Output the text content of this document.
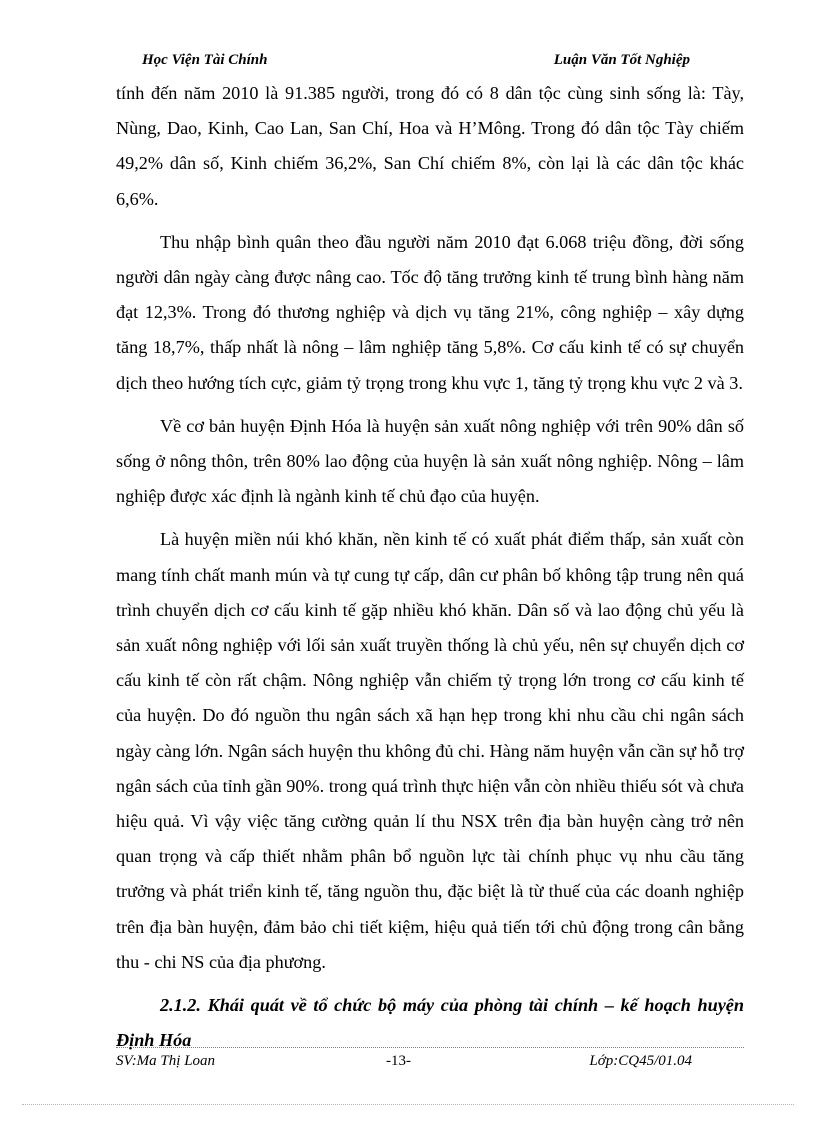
Học Viện Tài Chính	Luận Văn Tốt Nghiệp

tính đến năm 2010 là 91.385 người, trong đó có 8 dân tộc cùng sinh sống là: Tày, Nùng, Dao, Kinh, Cao Lan, San Chí, Hoa và H’Mông. Trong đó dân tộc Tày chiếm 49,2% dân số, Kinh chiếm 36,2%, San Chí chiếm 8%, còn lại là các dân tộc khác 6,6%.

Thu nhập bình quân theo đầu người năm 2010 đạt 6.068 triệu đồng, đời sống người dân ngày càng được nâng cao. Tốc độ tăng trưởng kinh tế trung bình hàng năm đạt 12,3%. Trong đó thương nghiệp và dịch vụ tăng 21%, công nghiệp – xây dựng tăng 18,7%, thấp nhất là nông – lâm nghiệp tăng 5,8%. Cơ cấu kinh tế có sự chuyển dịch theo hướng tích cực, giảm tỷ trọng trong khu vực 1, tăng tỷ trọng khu vực 2 và 3.

Về cơ bản huyện Định Hóa là huyện sản xuất nông nghiệp với trên 90% dân số sống ở nông thôn, trên 80% lao động của huyện là sản xuất nông nghiệp. Nông – lâm nghiệp được xác định là ngành kinh tế chủ đạo của huyện.

Là huyện miền núi khó khăn, nền kinh tế có xuất phát điểm thấp, sản xuất còn mang tính chất manh mún và tự cung tự cấp, dân cư phân bố không tập trung nên quá trình chuyển dịch cơ cấu kinh tế gặp nhiều khó khăn. Dân số và lao động chủ yếu là sản xuất nông nghiệp với lối sản xuất truyền thống là chủ yếu, nên sự chuyển dịch cơ cấu kinh tế còn rất chậm. Nông nghiệp vẫn chiếm tỷ trọng lớn trong cơ cấu kinh tế của huyện. Do đó nguồn thu ngân sách xã hạn hẹp trong khi nhu cầu chi ngân sách ngày càng lớn. Ngân sách huyện thu không đủ chi. Hàng năm huyện vẫn cần sự hỗ trợ ngân sách của tỉnh gần 90%. trong quá trình thực hiện vẫn còn nhiều thiếu sót và chưa hiệu quả. Vì vậy việc tăng cường quản lí thu NSX trên địa bàn huyện càng trở nên quan trọng và cấp thiết nhằm phân bổ nguồn lực tài chính phục vụ nhu cầu tăng trưởng và phát triển kinh tế, tăng nguồn thu, đặc biệt là từ thuế của các doanh nghiệp trên địa bàn huyện, đảm bảo chi tiết kiệm, hiệu quả tiến tới chủ động trong cân bằng thu - chi NS của địa phương.

2.1.2. Khái quát về tổ chức bộ máy của phòng tài chính – kế hoạch huyện Định Hóa

SV:Ma Thị Loan	-13-	Lớp:CQ45/01.04
